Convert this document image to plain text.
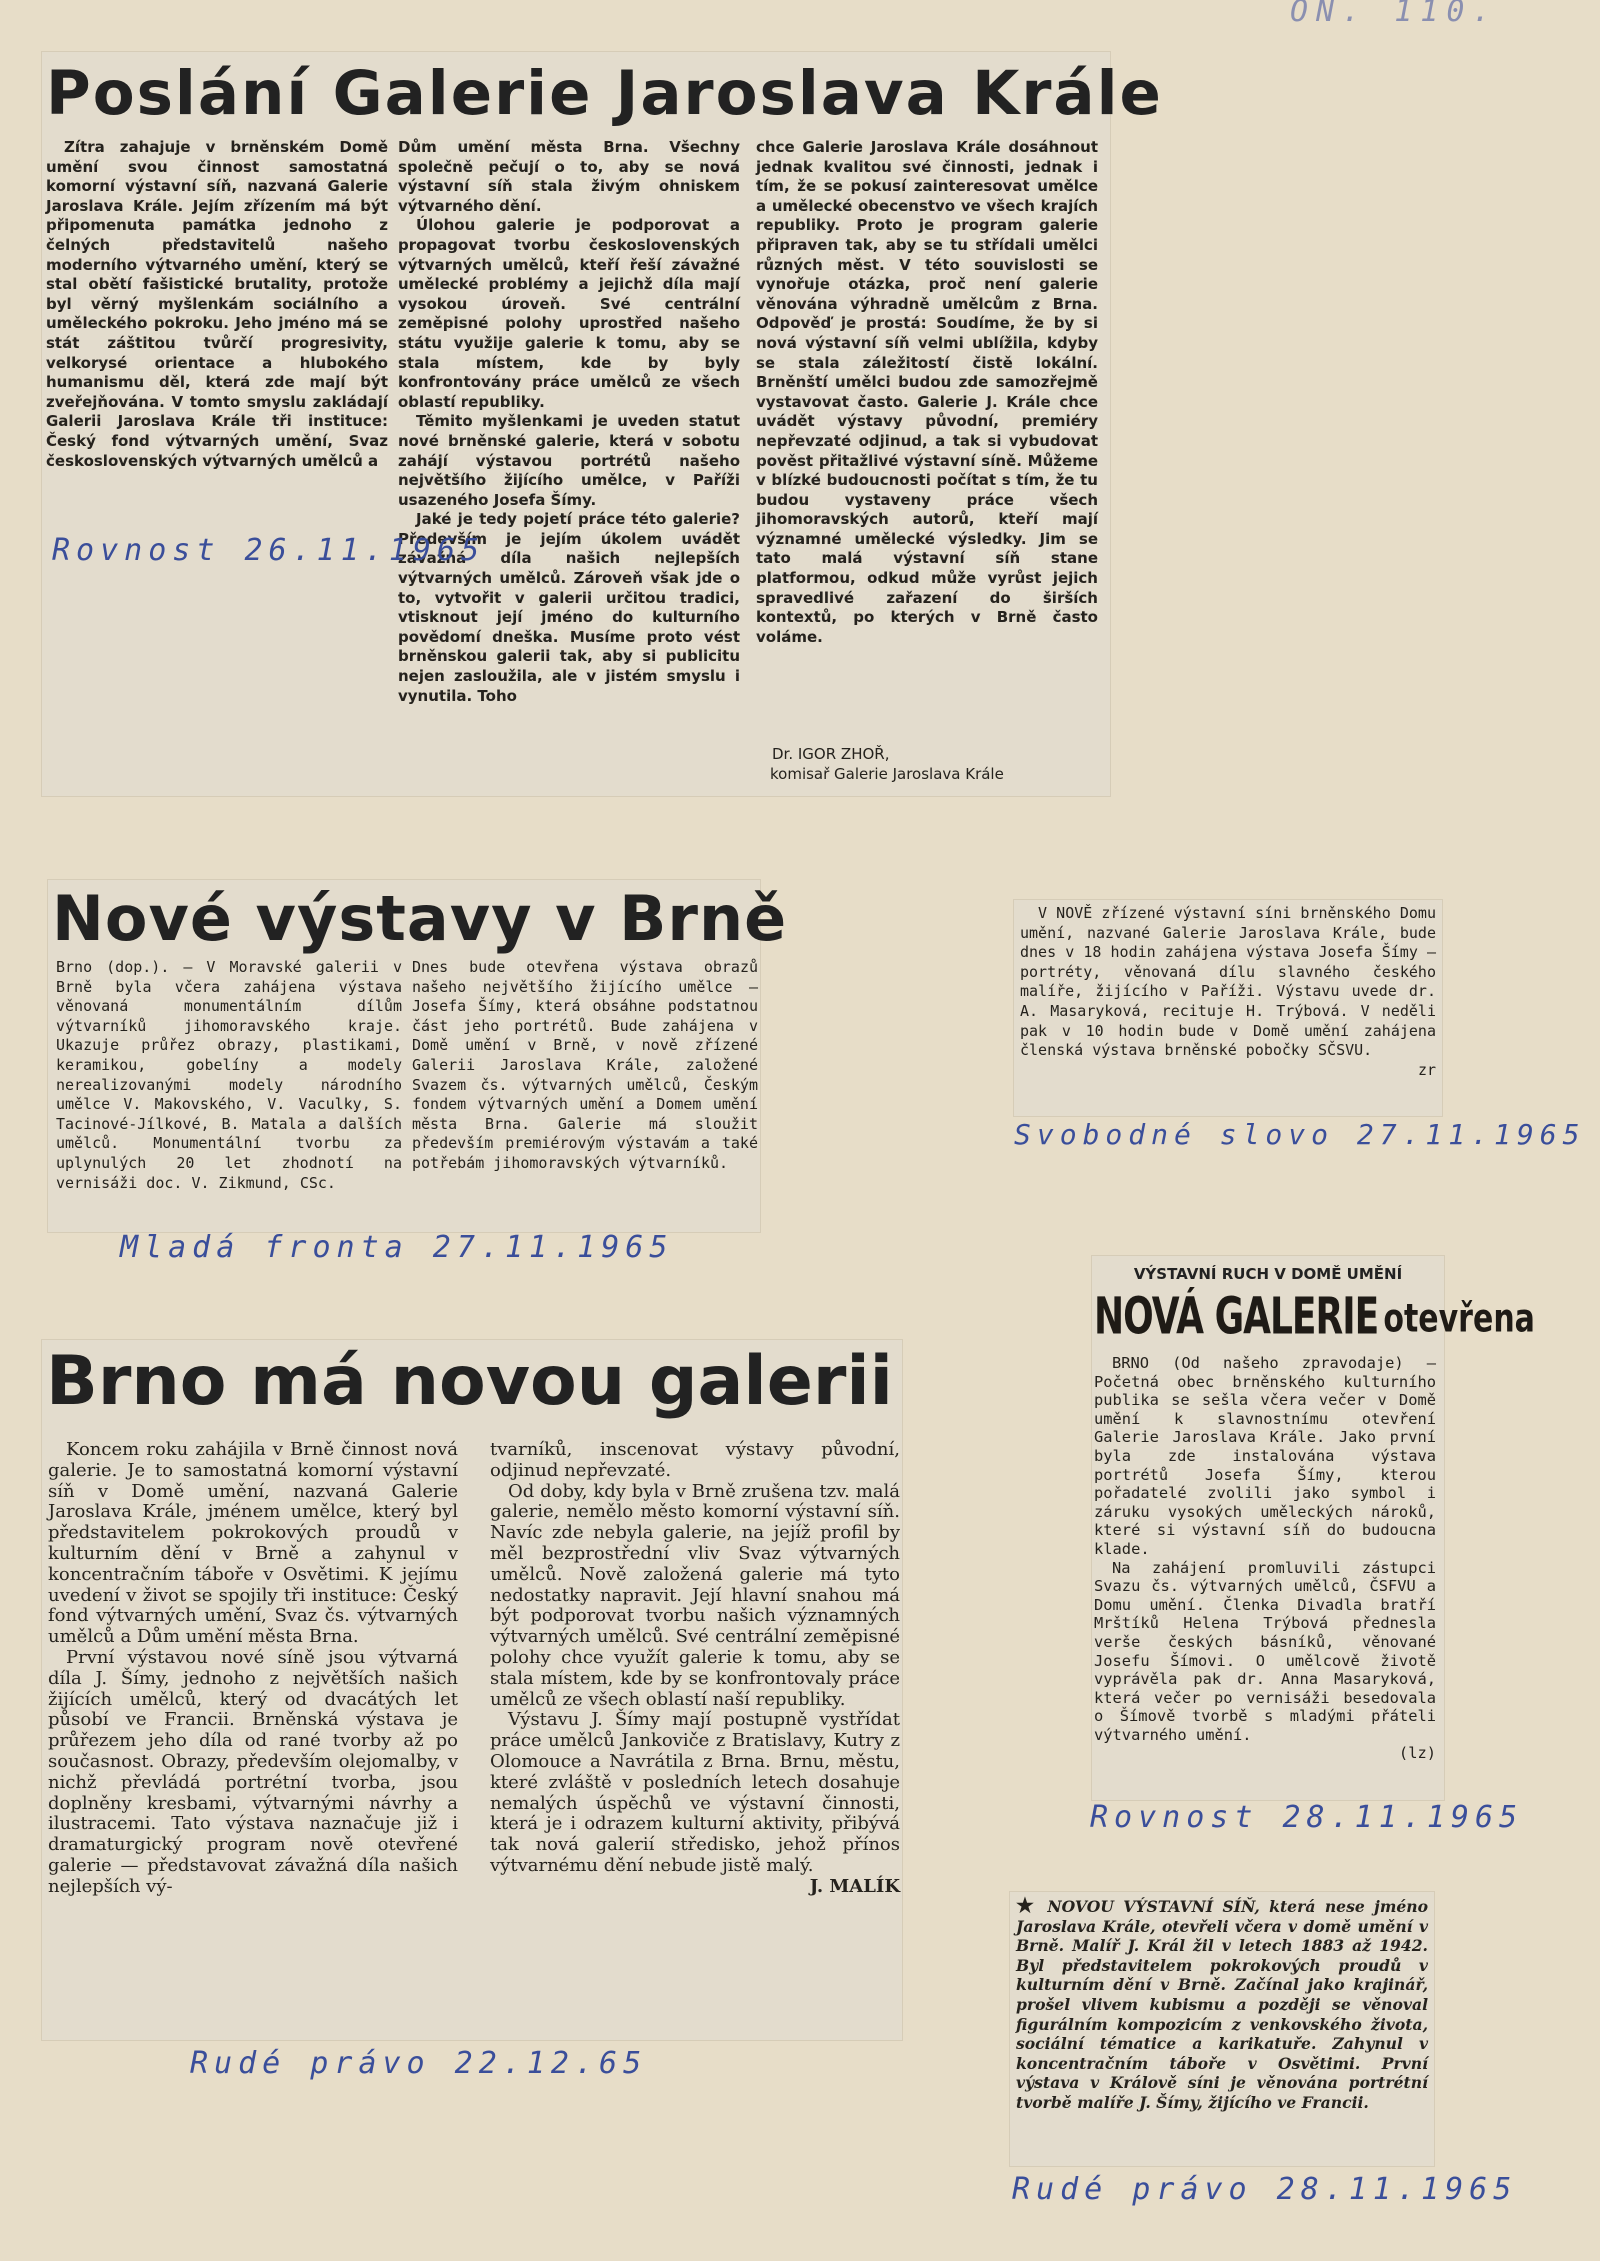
ON. 110.
Poslání Galerie Jaroslava Krále

Zítra zahajuje v brněnském Domě umění svou činnost samostatná komorní výstavní síň, nazvaná Galerie Jaroslava Krále. Jejím zřízením má být připomenuta památka jednoho z čelných představitelů našeho moderního výtvarného umění, který se stal obětí fašistické brutality, protože byl věrný myšlenkám sociálního a uměleckého pokroku. Jeho jméno má se stát záštitou tvůrčí progresivity, velkorysé orientace a hlubokého humanismu děl, která zde mají být zveřejňována. V tomto smyslu zakládají Galerii Jaroslava Krále tři instituce: Český fond výtvarných umění, Svaz československých výtvarných umělců a

Dům umění města Brna. Všechny společně pečují o to, aby se nová výstavní síň stala živým ohniskem výtvarného dění.

Úlohou galerie je podporovat a propagovat tvorbu československých výtvarných umělců, kteří řeší závažné umělecké problémy a jejichž díla mají vysokou úroveň. Své centrální zeměpisné polohy uprostřed našeho státu využije galerie k tomu, aby se stala místem, kde by byly konfrontovány práce umělců ze všech oblastí republiky.

Těmito myšlenkami je uveden statut nové brněnské galerie, která v sobotu zahájí výstavou portrétů našeho největšího žijícího umělce, v Paříži usazeného Josefa Šímy.

Jaké je tedy pojetí práce této galerie? Především je jejím úkolem uvádět závažná díla našich nejlepších výtvarných umělců. Zároveň však jde o to, vytvořit v galerii určitou tradici, vtisknout její jméno do kulturního povědomí dneška. Musíme proto vést brněnskou galerii tak, aby si publicitu nejen zasloužila, ale v jistém smyslu i vynutila. Toho

chce Galerie Jaroslava Krále dosáhnout jednak kvalitou své činnosti, jednak i tím, že se pokusí zainteresovat umělce a umělecké obecenstvo ve všech krajích republiky. Proto je program galerie připraven tak, aby se tu střídali umělci různých měst. V této souvislosti se vynořuje otázka, proč není galerie věnována výhradně umělcům z Brna. Odpověď je prostá: Soudíme, že by si nová výstavní síň velmi ublížila, kdyby se stala záležitostí čistě lokální. Brněnští umělci budou zde samozřejmě vystavovat často. Galerie J. Krále chce uvádět výstavy původní, premiéry nepřevzaté odjinud, a tak si vybudovat pověst přitažlivé výstavní síně. Můžeme v blízké budoucnosti počítat s tím, že tu budou vystaveny práce všech jihomoravských autorů, kteří mají významné umělecké výsledky. Jim se tato malá výstavní síň stane platformou, odkud může vyrůst jejich spravedlivé zařazení do širších kontextů, po kterých v Brně často voláme.

Dr. IGOR ZHOŘ,

komisař Galerie Jaroslava Krále

Rovnost 26.11.1965
Nové výstavy v Brně

Brno (dop.). — V Moravské galerii v Brně byla včera zahájena výstava věnovaná monumentálním dílům výtvarníků jihomoravského kraje. Ukazuje průřez obrazy, plastikami, keramikou, gobelíny a modely nerealizovanými modely národního umělce V. Makovského, V. Vaculky, S. Tacinové-Jílkové, B. Matala a dalších umělců. Monumentální tvorbu za uplynulých 20 let zhodnotí na vernisáži doc. V. Zikmund, CSc.

Dnes bude otevřena výstava obrazů našeho největšího žijícího umělce — Josefa Šímy, která obsáhne podstatnou část jeho portrétů. Bude zahájena v Domě umění v Brně, v nově zřízené Galerii Jaroslava Krále, založené Svazem čs. výtvarných umělců, Českým fondem výtvarných umění a Domem umění města Brna. Galerie má sloužit především premiérovým výstavám a také potřebám jihomoravských výtvarníků.

Mladá fronta 27.11.1965

V NOVĚ zřízené výstavní síni brněnského Domu umění, nazvané Galerie Jaroslava Krále, bude dnes v 18 hodin zahájena výstava Josefa Šímy — portréty, věnovaná dílu slavného českého malíře, žijícího v Paříži. Výstavu uvede dr. A. Masaryková, recituje H. Trýbová. V neděli pak v 10 hodin bude v Domě umění zahájena členská výstava brněnské pobočky SČSVU.

zr

Svobodné slovo 27.11.1965
Brno má novou galerii

Koncem roku zahájila v Brně činnost nová galerie. Je to samostatná komorní výstavní síň v Domě umění, nazvaná Galerie Jaroslava Krále, jménem umělce, který byl představitelem pokrokových proudů v kulturním dění v Brně a zahynul v koncentračním táboře v Osvětimi. K jejímu uvedení v život se spojily tři instituce: Český fond výtvarných umění, Svaz čs. výtvarných umělců a Dům umění města Brna.

První výstavou nové síně jsou výtvarná díla J. Šímy, jednoho z největších našich žijících umělců, který od dvacátých let působí ve Francii. Brněnská výstava je průřezem jeho díla od rané tvorby až po současnost. Obrazy, především olejomalby, v nichž převládá portrétní tvorba, jsou doplněny kresbami, výtvarnými návrhy a ilustracemi. Tato výstava naznačuje již i dramaturgický program nově otevřené galerie — představovat závažná díla našich nejlepších vý-

tvarníků, inscenovat výstavy původní, odjinud nepřevzaté.

Od doby, kdy byla v Brně zrušena tzv. malá galerie, nemělo město komorní výstavní síň. Navíc zde nebyla galerie, na jejíž profil by měl bezprostřední vliv Svaz výtvarných umělců. Nově založená galerie má tyto nedostatky napravit. Její hlavní snahou má být podporovat tvorbu našich významných výtvarných umělců. Své centrální zeměpisné polohy chce využít galerie k tomu, aby se stala místem, kde by se konfrontovaly práce umělců ze všech oblastí naší republiky.

Výstavu J. Šímy mají postupně vystřídat práce umělců Jankoviče z Bratislavy, Kutry z Olomouce a Navrátila z Brna. Brnu, městu, které zvláště v posledních letech dosahuje nemalých úspěchů ve výstavní činnosti, která je i odrazem kulturní aktivity, přibývá tak nová galerií středisko, jehož přínos výtvarnému dění nebude jistě malý.

J. MALÍK

Rudé právo 22.12.65
VÝSTAVNÍ RUCH V DOMĚ UMĚNÍ
NOVÁ GALERIE otevřena

BRNO (Od našeho zpravodaje) — Početná obec brněnského kulturního publika se sešla včera večer v Domě umění k slavnostnímu otevření Galerie Jaroslava Krále. Jako první byla zde instalována výstava portrétů Josefa Šímy, kterou pořadatelé zvolili jako symbol i záruku vysokých uměleckých nároků, které si výstavní síň do budoucna klade.

Na zahájení promluvili zástupci Svazu čs. výtvarných umělců, ČSFVU a Domu umění. Členka Divadla bratří Mrštíků Helena Trýbová přednesla verše českých básníků, věnované Josefu Šímovi. O umělcově životě vyprávěla pak dr. Anna Masaryková, která večer po vernisáži besedovala o Šímově tvorbě s mladými přáteli výtvarného umění.

(lz)

Rovnost 28.11.1965

★ NOVOU VÝSTAVNÍ SÍŇ, která nese jméno Jaroslava Krále, otevřeli včera v domě umění v Brně. Malíř J. Král žil v letech 1883 až 1942. Byl představitelem pokrokových proudů v kulturním dění v Brně. Začínal jako krajinář, prošel vlivem kubismu a později se věnoval figurálním kompozicím z venkovského života, sociální tématice a karikatuře. Zahynul v koncentračním táboře v Osvětimi. První výstava v Králově síni je věnována portrétní tvorbě malíře J. Šímy, žijícího ve Francii.

Rudé právo 28.11.1965
